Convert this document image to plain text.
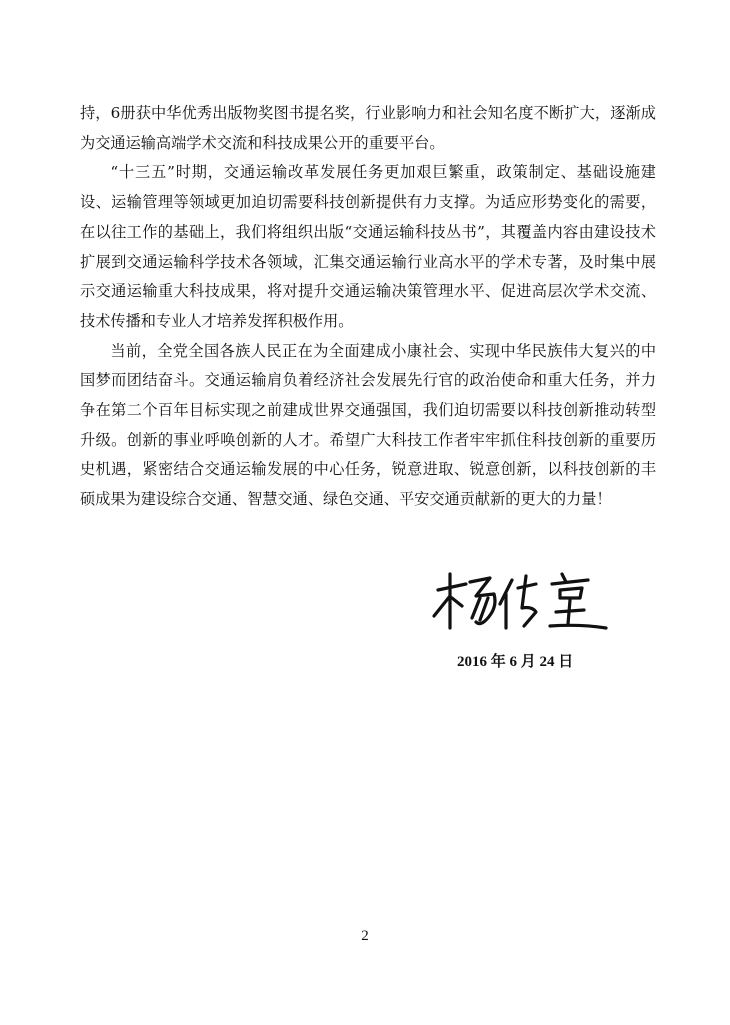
持，6册获中华优秀出版物奖图书提名奖，行业影响力和社会知名度不断扩大，逐渐成为交通运输高端学术交流和科技成果公开的重要平台。

“十三五”时期，交通运输改革发展任务更加艰巨繁重，政策制定、基础设施建设、运输管理等领域更加迫切需要科技创新提供有力支撑。为适应形势变化的需要，在以往工作的基础上，我们将组织出版“交通运输科技丛书”，其覆盖内容由建设技术扩展到交通运输科学技术各领域，汇集交通运输行业高水平的学术专著，及时集中展示交通运输重大科技成果，将对提升交通运输决策管理水平、促进高层次学术交流、技术传播和专业人才培养发挥积极作用。

当前，全党全国各族人民正在为全面建成小康社会、实现中华民族伟大复兴的中国梦而团结奋斗。交通运输肩负着经济社会发展先行官的政治使命和重大任务，并力争在第二个百年目标实现之前建成世界交通强国，我们迫切需要以科技创新推动转型升级。创新的事业呼唤创新的人才。希望广大科技工作者牢牢抓住科技创新的重要历史机遇，紧密结合交通运输发展的中心任务，锐意进取、锐意创新，以科技创新的丰硕成果为建设综合交通、智慧交通、绿色交通、平安交通贡献新的更大的力量！

2016 年 6 月 24 日
2
